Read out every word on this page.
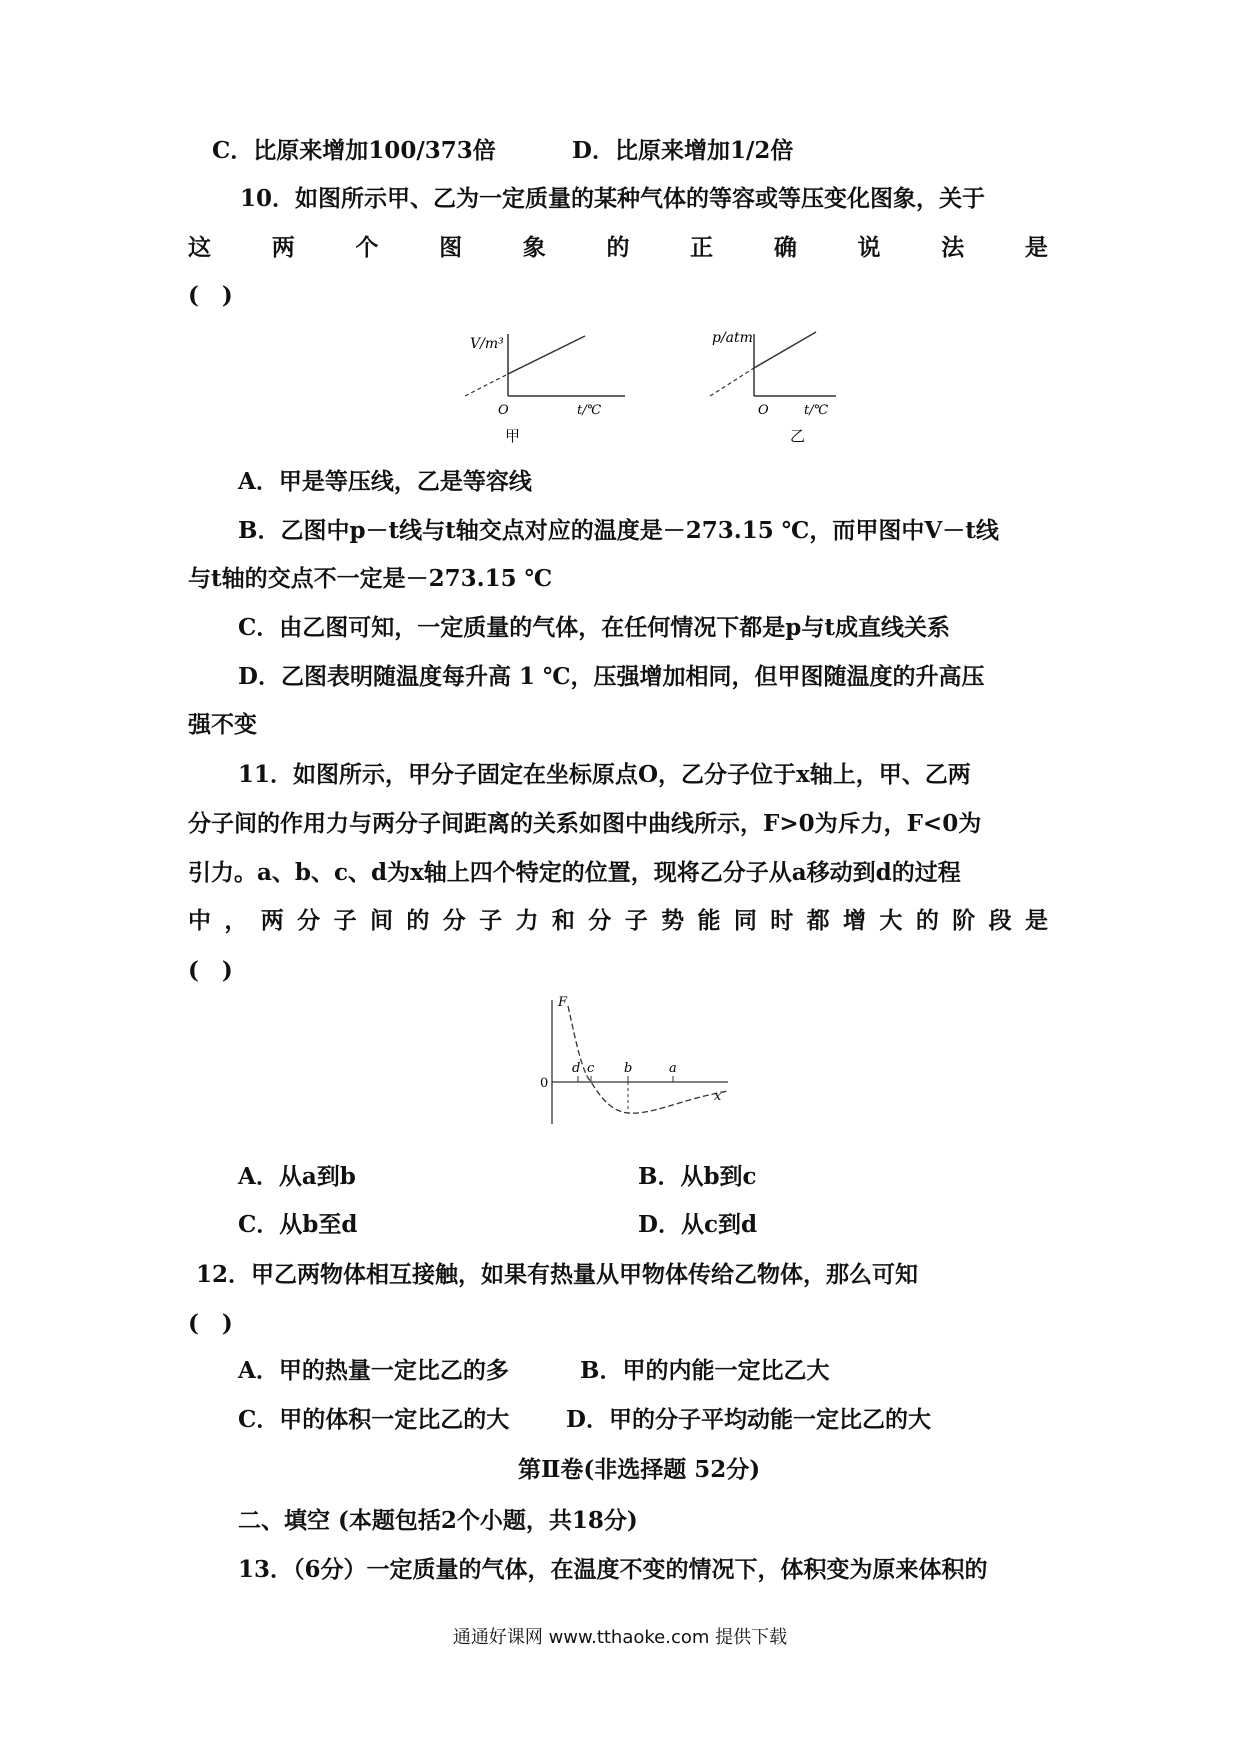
C．比原来增加100/373倍	D．比原来增加1/2倍
10．如图所示甲、乙为一定质量的某种气体的等容或等压变化图象，关于
这	两	个	图	象	的	正	确	说	法	是
(　)
V/m³
O	t/℃
甲
p/atm
O	t/℃
乙
A．甲是等压线，乙是等容线
B．乙图中p－t线与t轴交点对应的温度是－273.15 ℃，而甲图中V－t线
与t轴的交点不一定是－273.15 ℃
C．由乙图可知，一定质量的气体，在任何情况下都是p与t成直线关系
D．乙图表明随温度每升高 1 ℃，压强增加相同，但甲图随温度的升高压
强不变
11．如图所示，甲分子固定在坐标原点O，乙分子位于x轴上，甲、乙两
分子间的作用力与两分子间距离的关系如图中曲线所示，F>0为斥力，F<0为
引力。a、b、c、d为x轴上四个特定的位置，现将乙分子从a移动到d的过程
中 ， 两 分 子 间 的 分 子 力 和 分 子 势 能 同 时 都 增 大 的 阶 段 是
(　)
F
0
x
d c b	a
A．从a到b	B．从b到c
C．从b至d	D．从c到d
12．甲乙两物体相互接触，如果有热量从甲物体传给乙物体，那么可知
(　)
A．甲的热量一定比乙的多	B．甲的内能一定比乙大
C．甲的体积一定比乙的大 D．甲的分子平均动能一定比乙的大
第Ⅱ卷(非选择题 52分)
二、填空 (本题包括2个小题，共18分)
13．（6分）一定质量的气体，在温度不变的情况下，体积变为原来体积的
通通好课网 www.tthaoke.com 提供下载
